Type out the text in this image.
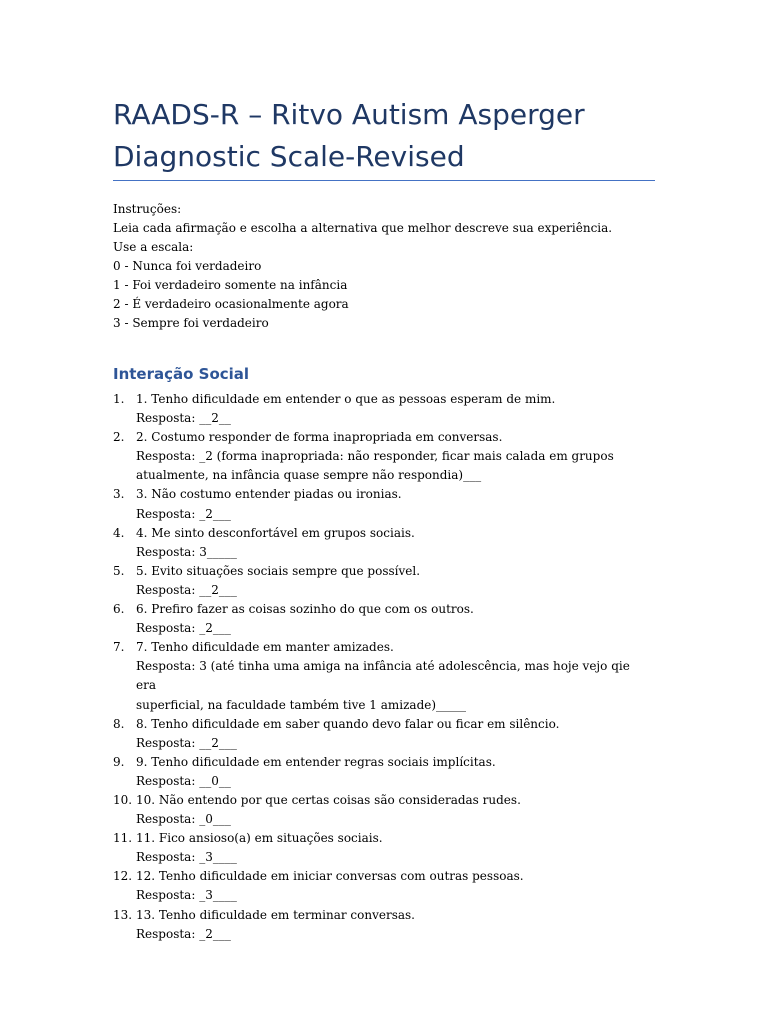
RAADS-R – Ritvo Autism Asperger
Diagnostic Scale-Revised
Instruções:
Leia cada afirmação e escolha a alternativa que melhor descreve sua experiência.
Use a escala:
0 - Nunca foi verdadeiro
1 - Foi verdadeiro somente na infância
2 - É verdadeiro ocasionalmente agora
3 - Sempre foi verdadeiro
Interação Social
1. 1. Tenho dificuldade em entender o que as pessoas esperam de mim.
Resposta: __2__
2. 2. Costumo responder de forma inapropriada em conversas.
Resposta: _2 (forma inapropriada: não responder, ficar mais calada em grupos
atualmente, na infância quase sempre não respondia)___
3. 3. Não costumo entender piadas ou ironias.
Resposta: _2___
4. 4. Me sinto desconfortável em grupos sociais.
Resposta: 3_____
5. 5. Evito situações sociais sempre que possível.
Resposta: __2___
6. 6. Prefiro fazer as coisas sozinho do que com os outros.
Resposta: _2___
7. 7. Tenho dificuldade em manter amizades.
Resposta: 3 (até tinha uma amiga na infância até adolescência, mas hoje vejo qie era
superficial, na faculdade também tive 1 amizade)_____
8. 8. Tenho dificuldade em saber quando devo falar ou ficar em silêncio.
Resposta: __2___
9. 9. Tenho dificuldade em entender regras sociais implícitas.
Resposta: __0__
10. 10. Não entendo por que certas coisas são consideradas rudes.
Resposta: _0___
11. 11. Fico ansioso(a) em situações sociais.
Resposta: _3____
12. 12. Tenho dificuldade em iniciar conversas com outras pessoas.
Resposta: _3____
13. 13. Tenho dificuldade em terminar conversas.
Resposta: _2___
